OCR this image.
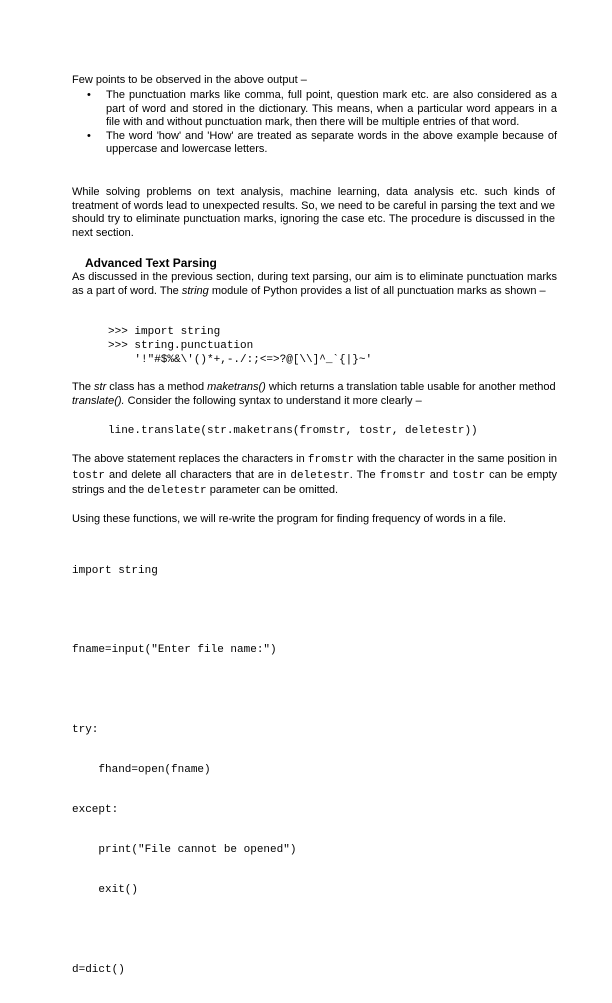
Few points to be observed in the above output –
• The punctuation marks like comma, full point, question mark etc. are also considered as a part of word and stored in the dictionary. This means, when a particular word appears in a file with and without punctuation mark, then there will be multiple entries of that word.
• The word 'how' and 'How' are treated as separate words in the above example because of uppercase and lowercase letters.
While solving problems on text analysis, machine learning, data analysis etc. such kinds of treatment of words lead to unexpected results. So, we need to be careful in parsing the text and we should try to eliminate punctuation marks, ignoring the case etc. The procedure is discussed in the next section.
Advanced Text Parsing
As discussed in the previous section, during text parsing, our aim is to eliminate punctuation marks as a part of word. The string module of Python provides a list of all punctuation marks as shown –
>>> import string
>>> string.punctuation
'!"#$%&\'()*+,-./:;<=>?@[\\]^_`{|}~'
The str class has a method maketrans() which returns a translation table usable for another method translate(). Consider the following syntax to understand it more clearly –
line.translate(str.maketrans(fromstr, tostr, deletestr))
The above statement replaces the characters in fromstr with the character in the same position in tostr and delete all characters that are in deletestr. The fromstr and tostr can be empty strings and the deletestr parameter can be omitted.
Using these functions, we will re-write the program for finding frequency of words in a file.

import string

fname=input("Enter file name:")

try:

fhand=open(fname)

except:

print("File cannot be opened")

exit()

d=dict()
